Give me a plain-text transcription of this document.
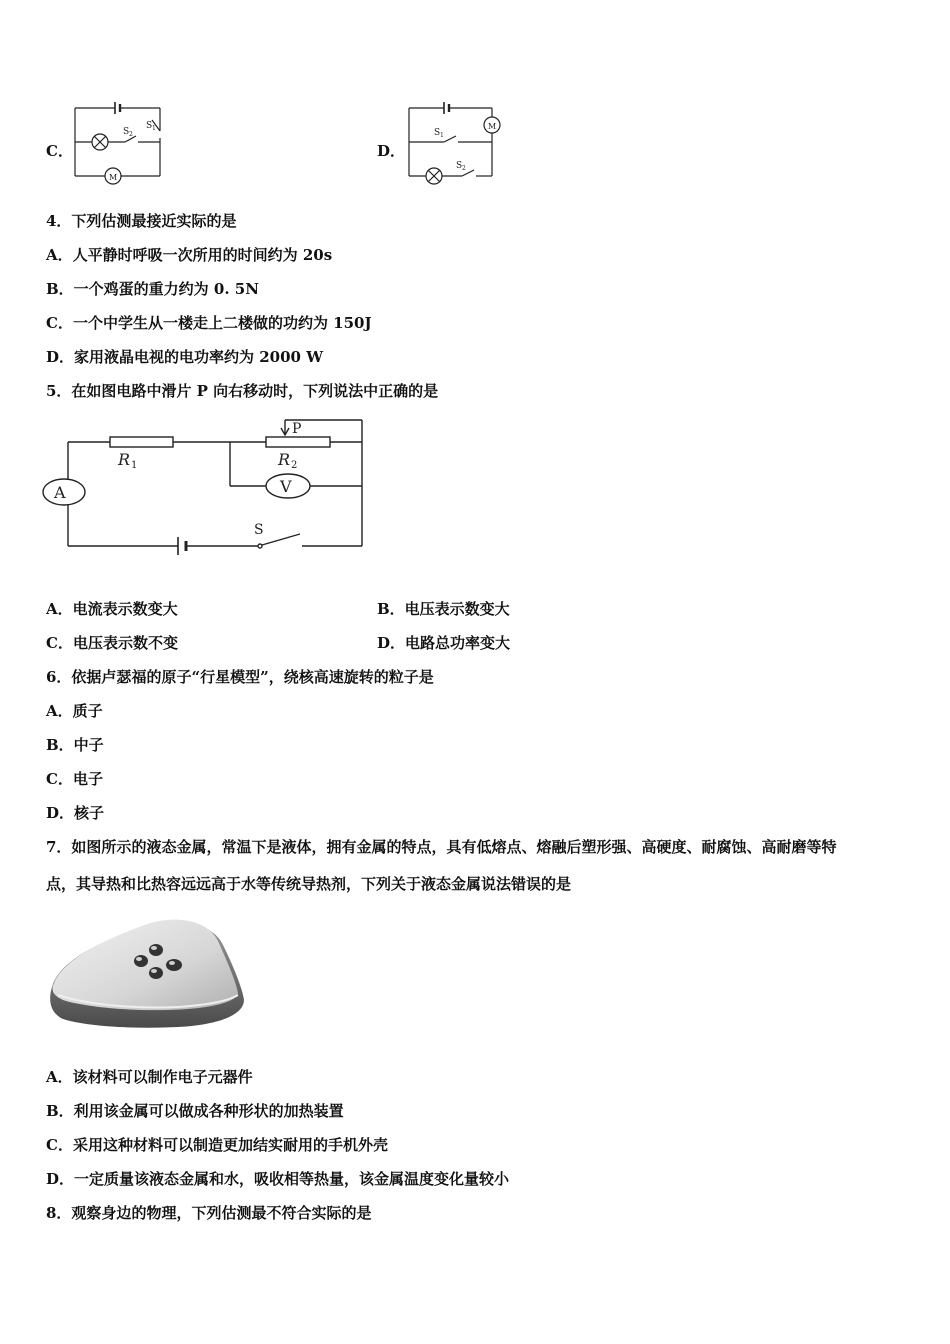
C．
S 1
S 2
M
D．
S 1
S 2
M
4．下列估测最接近实际的是
A．人平静时呼吸一次所用的时间约为 20s
B．一个鸡蛋的重力约为 0. 5N
C．一个中学生从一楼走上二楼做的功约为 150J
D．家用液晶电视的电功率约为 2000 W
5．在如图电路中滑片 P 向右移动时，下列说法中正确的是
R 1	R 2
P
A	V
S
A．电流表示数变大	B．电压表示数变大
C．电压表示数不变	D．电路总功率变大
6．依据卢瑟福的原子“行星模型”，绕核高速旋转的粒子是
A．质子
B．中子
C．电子
D．核子
7．如图所示的液态金属，常温下是液体，拥有金属的特点，具有低熔点、熔融后塑形强、高硬度、耐腐蚀、高耐磨等特
点，其导热和比热容远远高于水等传统导热剂，下列关于液态金属说法错误的是
A．该材料可以制作电子元器件
B．利用该金属可以做成各种形状的加热装置
C．采用这种材料可以制造更加结实耐用的手机外壳
D．一定质量该液态金属和水，吸收相等热量，该金属温度变化量较小
8．观察身边的物理，下列估测最不符合实际的是
